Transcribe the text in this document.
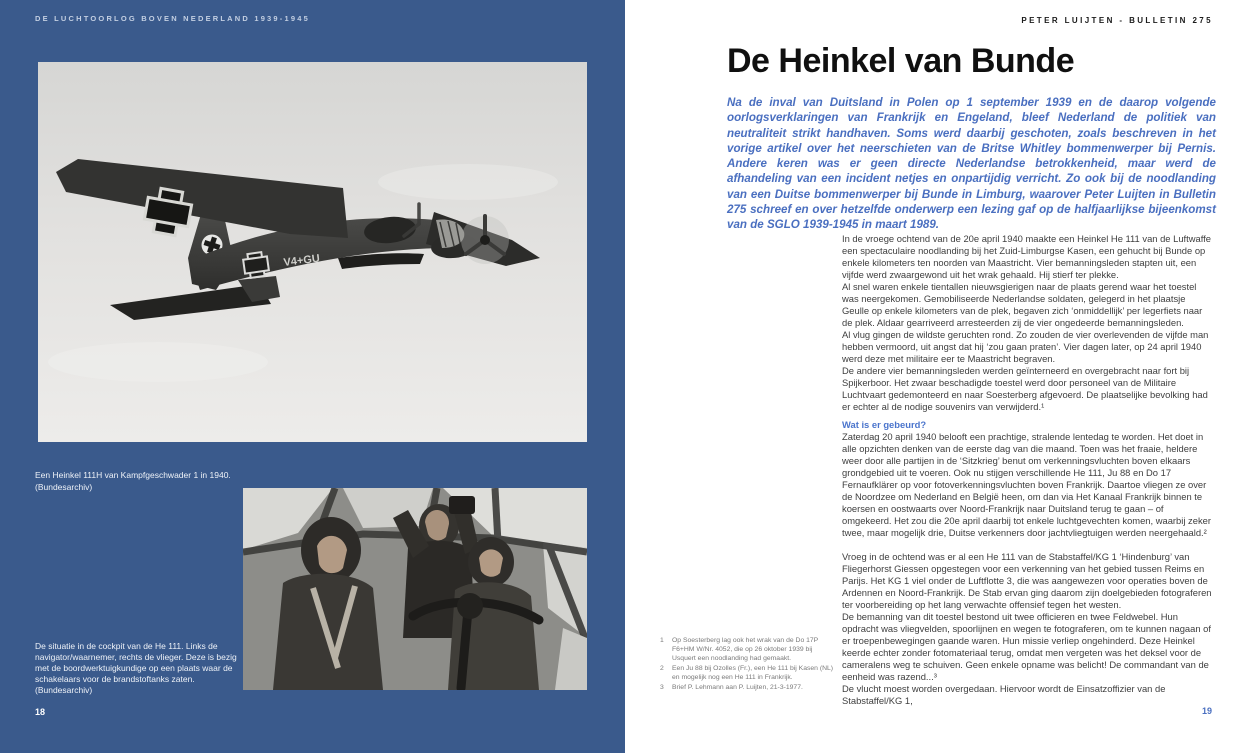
DE LUCHTOORLOG BOVEN NEDERLAND 1939-1945
V4+GU
Een Heinkel 111H van Kampfgeschwader 1 in 1940. (Bundesarchiv)
De situatie in de cockpit van de He 111. Links de navigator/waarnemer, rechts de vlieger. Deze is bezig met de boordwerktuigkundige op een plaats waar de schakelaars voor de brandstoftanks zaten. (Bundesarchiv)
18
PETER LUIJTEN - BULLETIN 275
De Heinkel van Bunde
Na de inval van Duitsland in Polen op 1 september 1939 en de daarop volgende oorlogsverklaringen van Frankrijk en Engeland, bleef Nederland de politiek van neutraliteit strikt handhaven. Soms werd daarbij geschoten, zoals beschreven in het vorige artikel over het neerschieten van de Britse Whitley bommenwerper bij Pernis. Andere keren was er geen directe Nederlandse betrokkenheid, maar werd de afhandeling van een incident netjes en onpartijdig verricht. Zo ook bij de noodlanding van een Duitse bommenwerper bij Bunde in Limburg, waarover Peter Luijten in Bulletin 275 schreef en over hetzelfde onderwerp een lezing gaf op de halfjaarlijkse bijeenkomst van de SGLO 1939-1945 in maart 1989.

In de vroege ochtend van de 20e april 1940 maakte een Heinkel He 111 van de Luftwaffe een spectaculaire noodlanding bij het Zuid-Limburgse Kasen, een gehucht bij Bunde op enkele kilometers ten noorden van Maastricht. Vier bemanningsleden stapten uit, een vijfde werd zwaargewond uit het wrak gehaald. Hij stierf ter plekke.

Al snel waren enkele tientallen nieuwsgierigen naar de plaats gerend waar het toestel was neergekomen. Gemobiliseerde Nederlandse soldaten, gelegerd in het plaatsje Geulle op enkele kilometers van de plek, begaven zich ‘onmiddellijk’ per legerfiets naar de plek. Aldaar gearriveerd arresteerden zij de vier ongedeerde bemanningsleden.

Al vlug gingen de wildste geruchten rond. Zo zouden de vier overlevenden de vijfde man hebben vermoord, uit angst dat hij ‘zou gaan praten’. Vier dagen later, op 24 april 1940 werd deze met militaire eer te Maastricht begraven.

De andere vier bemanningsleden werden geïnterneerd en overgebracht naar fort bij Spijkerboor. Het zwaar beschadigde toestel werd door personeel van de Militaire Luchtvaart gedemonteerd en naar Soesterberg afgevoerd. De plaatselijke bevolking had er echter al de nodige souvenirs van verwijderd.¹

Wat is er gebeurd?

Zaterdag 20 april 1940 belooft een prachtige, stralende lentedag te worden. Het doet in alle opzichten denken van de eerste dag van die maand. Toen was het fraaie, heldere weer door alle partijen in de ‘Sitzkrieg’ benut om verkenningsvluchten boven elkaars grondgebied uit te voeren. Ook nu stijgen verschillende He 111, Ju 88 en Do 17 Fernaufklärer op voor fotoverkenningsvluchten boven Frankrijk. Daartoe vliegen ze over de Noordzee om Nederland en België heen, om dan via Het Kanaal Frankrijk binnen te koersen en oostwaarts over Noord-Frankrijk naar Duitsland terug te gaan – of omgekeerd. Het zou die 20e april daarbij tot enkele luchtgevechten komen, waarbij zeker twee, maar mogelijk drie, Duitse verkenners door jachtvliegtuigen werden neergehaald.²

Vroeg in de ochtend was er al een He 111 van de Stabstaffel/KG 1 ‘Hindenburg’ van Fliegerhorst Giessen opgestegen voor een verkenning van het gebied tussen Reims en Parijs. Het KG 1 viel onder de Luftflotte 3, die was aangewezen voor operaties boven de Ardennen en Noord-Frankrijk. De Stab ervan ging daarom zijn doelgebieden fotograferen ter voorbereiding op het lang verwachte offensief tegen het westen.

De bemanning van dit toestel bestond uit twee officieren en twee Feldwebel. Hun opdracht was vliegvelden, spoorlijnen en wegen te fotograferen, om te kunnen nagaan of er troepenbewegingen gaande waren. Hun missie verliep ongehinderd. Deze Heinkel keerde echter zonder fotomateriaal terug, omdat men vergeten was het deksel voor de cameralens weg te schuiven. Geen enkele opname was belicht! De commandant van de eenheid was razend...³

De vlucht moest worden overgedaan. Hiervoor wordt de Einsatzoffizier van de Stabstaffel/KG 1,

1	Op Soesterberg lag ook het wrak van de Do 17P F6+HM W/Nr. 4052, die op 26 oktober 1939 bij Usquert een noodlanding had gemaakt.
2	Een Ju 88 bij Ozolles (Fr.), een He 111 bij Kasen (NL) en mogelijk nog een He 111 in Frankrijk.
3	Brief P. Lehmann aan P. Luijten, 21-3-1977.
19
